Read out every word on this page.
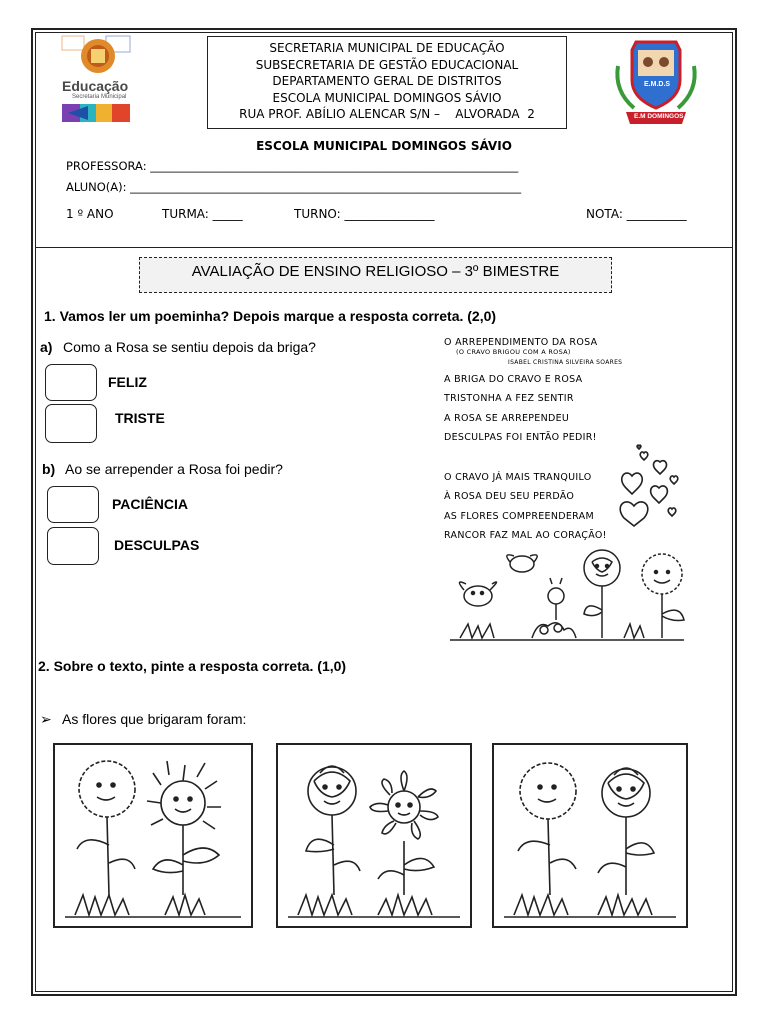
Educação
Secretaria Municipal
SECRETARIA MUNICIPAL DE EDUCAÇÃO
SUBSECRETARIA DE GESTÃO EDUCACIONAL
DEPARTAMENTO GERAL DE DISTRITOS
ESCOLA MUNICIPAL DOMINGOS SÁVIO
RUA PROF. ABÍLIO ALENCAR S/N –    ALVORADA  2
E.M.D.S
E.M DOMINGOS SÁVIO
ESCOLA MUNICIPAL DOMINGOS SÁVIO
PROFESSORA: ________________________________________________________________
ALUNO(A): ____________________________________________________________________
1 º ANO	TURMA: _____	TURNO: _______________	NOTA: __________
AVALIAÇÃO DE ENSINO RELIGIOSO – 3º BIMESTRE
1. Vamos ler um poeminha? Depois marque a resposta correta. (2,0)
a) Como a Rosa se sentiu depois da briga?
FELIZ
TRISTE
b) Ao se arrepender a Rosa foi pedir?
PACIÊNCIA
DESCULPAS
O ARREPENDIMENTO DA ROSA
(O CRAVO BRIGOU COM A ROSA)
ISABEL CRISTINA SILVEIRA SOARES
A BRIGA DO CRAVO E ROSA
TRISTONHA A FEZ SENTIR
A ROSA SE ARREPENDEU
DESCULPAS FOI ENTÃO PEDIR!
O CRAVO JÁ MAIS TRANQUILO
À ROSA DEU SEU PERDÃO
AS FLORES COMPREENDERAM
RANCOR FAZ MAL AO CORAÇÃO!
2. Sobre o texto, pinte a resposta correta. (1,0)
➢ As flores que brigaram foram:
